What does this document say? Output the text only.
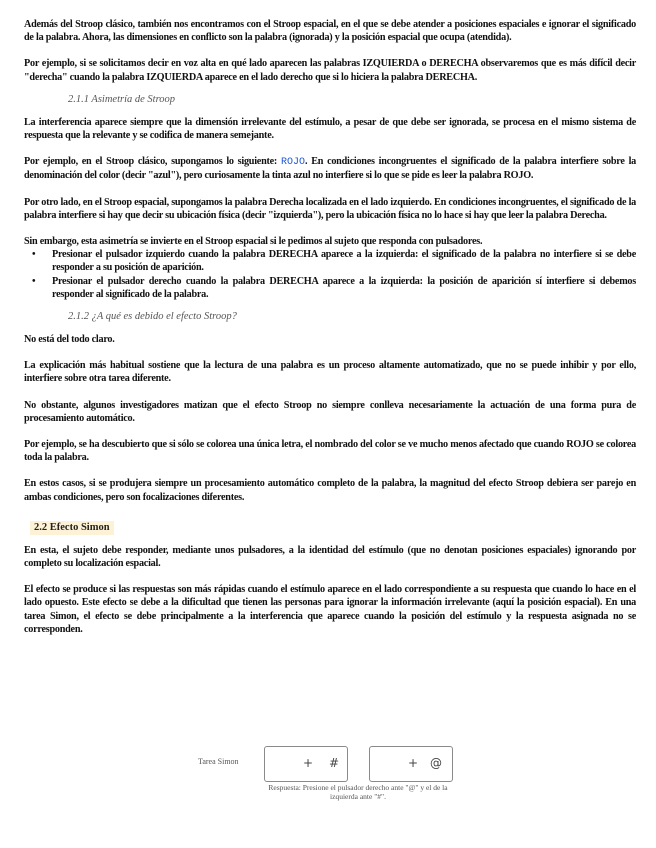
Además del Stroop clásico, también nos encontramos con el Stroop espacial, en el que se debe atender a posiciones espaciales e ignorar el significado de la palabra. Ahora, las dimensiones en conflicto son la palabra (ignorada) y la posición espacial que ocupa (atendida).

Por ejemplo, si se solicitamos decir en voz alta en qué lado aparecen las palabras IZQUIERDA o DERECHA observaremos que es más difícil decir "derecha" cuando la palabra IZQUIERDA aparece en el lado derecho que si lo hiciera la palabra DERECHA.

2.1.1 Asimetría de Stroop

La interferencia aparece siempre que la dimensión irrelevante del estímulo, a pesar de que debe ser ignorada, se procesa en el mismo sistema de respuesta que la relevante y se codifica de manera semejante.

Por ejemplo, en el Stroop clásico, supongamos lo siguiente: ROJO. En condiciones incongruentes el significado de la palabra interfiere sobre la denominación del color (decir "azul"), pero curiosamente la tinta azul no interfiere si lo que se pide es leer la palabra ROJO.

Por otro lado, en el Stroop espacial, supongamos la palabra Derecha localizada en el lado izquierdo. En condiciones incongruentes, el significado de la palabra interfiere si hay que decir su ubicación física (decir "izquierda"), pero la ubicación física no lo hace si hay que leer la palabra Derecha.

Sin embargo, esta asimetría se invierte en el Stroop espacial si le pedimos al sujeto que responda con pulsadores.

• Presionar el pulsador izquierdo cuando la palabra DERECHA aparece a la izquierda: el significado de la palabra no interfiere si se debe responder a su posición de aparición.
• Presionar el pulsador derecho cuando la palabra DERECHA aparece a la izquierda: la posición de aparición sí interfiere si debemos responder al significado de la palabra.
2.1.2 ¿A qué es debido el efecto Stroop?

No está del todo claro.

La explicación más habitual sostiene que la lectura de una palabra es un proceso altamente automatizado, que no se puede inhibir y por ello, interfiere sobre otra tarea diferente.

No obstante, algunos investigadores matizan que el efecto Stroop no siempre conlleva necesariamente la actuación de una forma pura de procesamiento automático.

Por ejemplo, se ha descubierto que si sólo se colorea una única letra, el nombrado del color se ve mucho menos afectado que cuando ROJO se colorea toda la palabra.

En estos casos, si se produjera siempre un procesamiento automático completo de la palabra, la magnitud del efecto Stroop debiera ser parejo en ambas condiciones, pero son focalizaciones diferentes.

2.2 Efecto Simon

En esta, el sujeto debe responder, mediante unos pulsadores, a la identidad del estímulo (que no denotan posiciones espaciales) ignorando por completo su localización espacial.

El efecto se produce si las respuestas son más rápidas cuando el estímulo aparece en el lado correspondiente a su respuesta que cuando lo hace en el lado opuesto. Este efecto se debe a la dificultad que tienen las personas para ignorar la información irrelevante (aquí la posición espacial). En una tarea Simon, el efecto se debe principalmente a la interferencia que aparece cuando la posición del estímulo y la respuesta asignada no se corresponden.

Tarea Simon	+ #	+ @
Respuesta: Presione el pulsador derecho ante "@" y el de la izquierda ante "#".
